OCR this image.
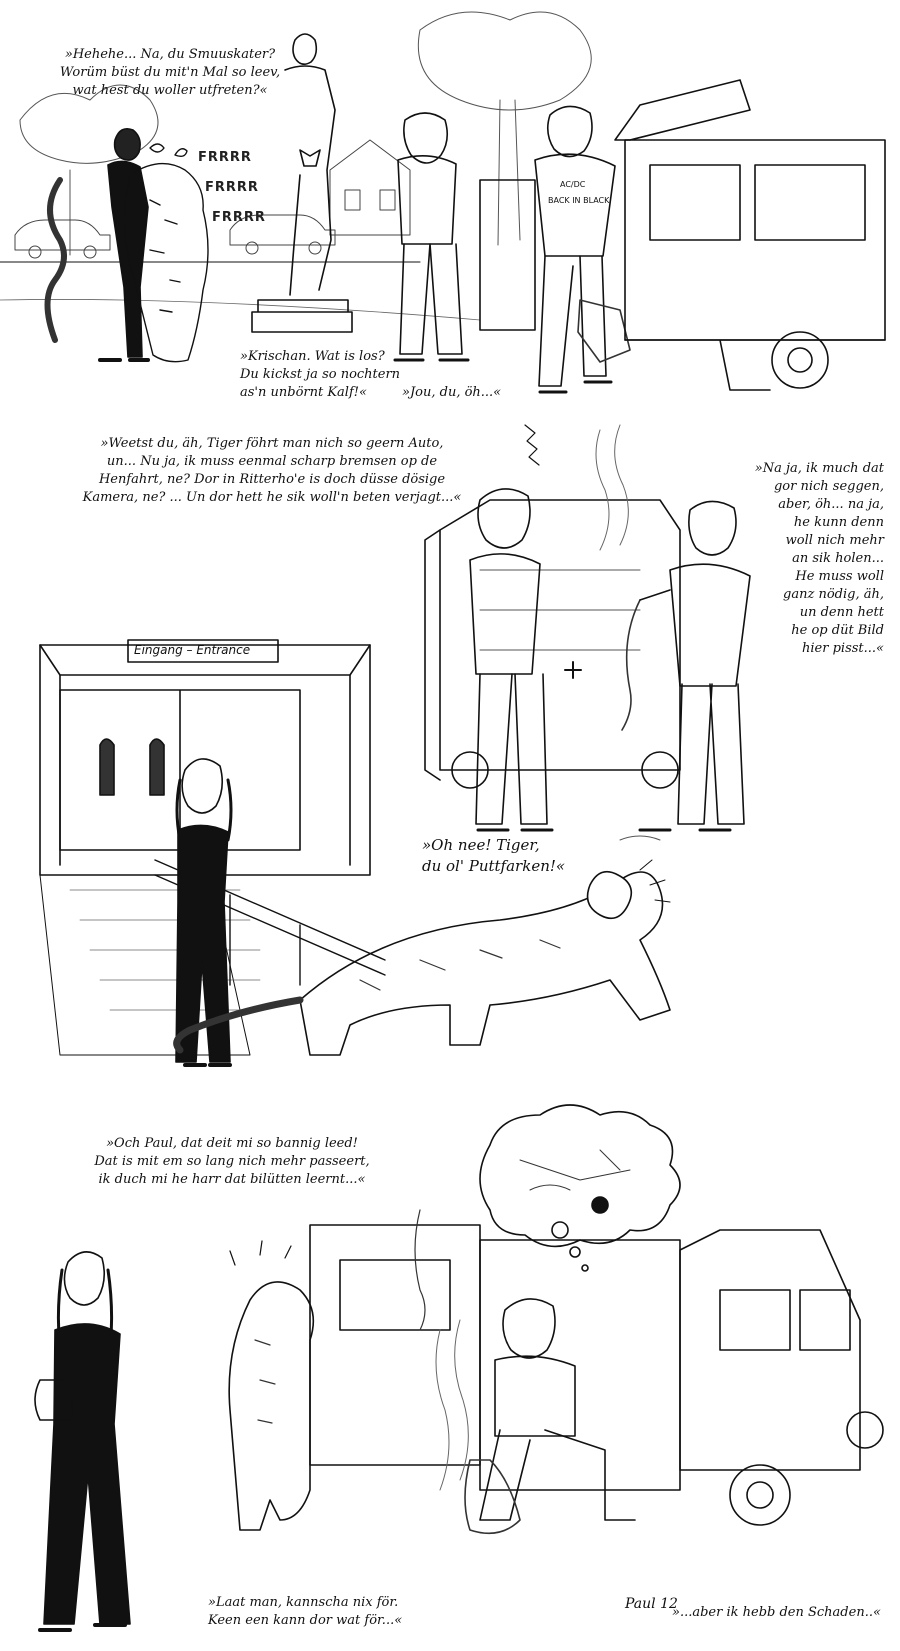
»Hehehe... Na, du Smuuskater?
Worüm büst du mit'n Mal so leev,
wat hest du woller utfreten?«
FRRRR
FRRRR
FRRRR
AC/DC
BACK IN BLACK
»Krischan. Wat is los?
Du kickst ja so nochtern
as'n unbörnt Kalf!«	»Jou, du, öh...«
»Weetst du, äh, Tiger föhrt man nich so geern Auto,
un... Nu ja, ik muss eenmal scharp bremsen op de
Henfahrt, ne? Dor in Ritterho'e is doch düsse dösige
Kamera, ne? ... Un dor hett he sik woll'n beten verjagt...«
»Na ja, ik much dat
gor nich seggen,
aber, öh... na ja,
he kunn denn
woll nich mehr
an sik holen...
He muss woll
ganz nödig, äh,
un denn hett
he op düt Bild
hier pisst...«
Eingang – Entrance
»Oh nee! Tiger,
du ol' Puttfarken!«
»Och Paul, dat deit mi so bannig leed!
Dat is mit em so lang nich mehr passeert,
ik duch mi he harr dat bilütten leernt...«
»Laat man, kannscha nix för.
Keen een kann dor wat för...«
»...aber ik hebb den Schaden..«
Paul 12
